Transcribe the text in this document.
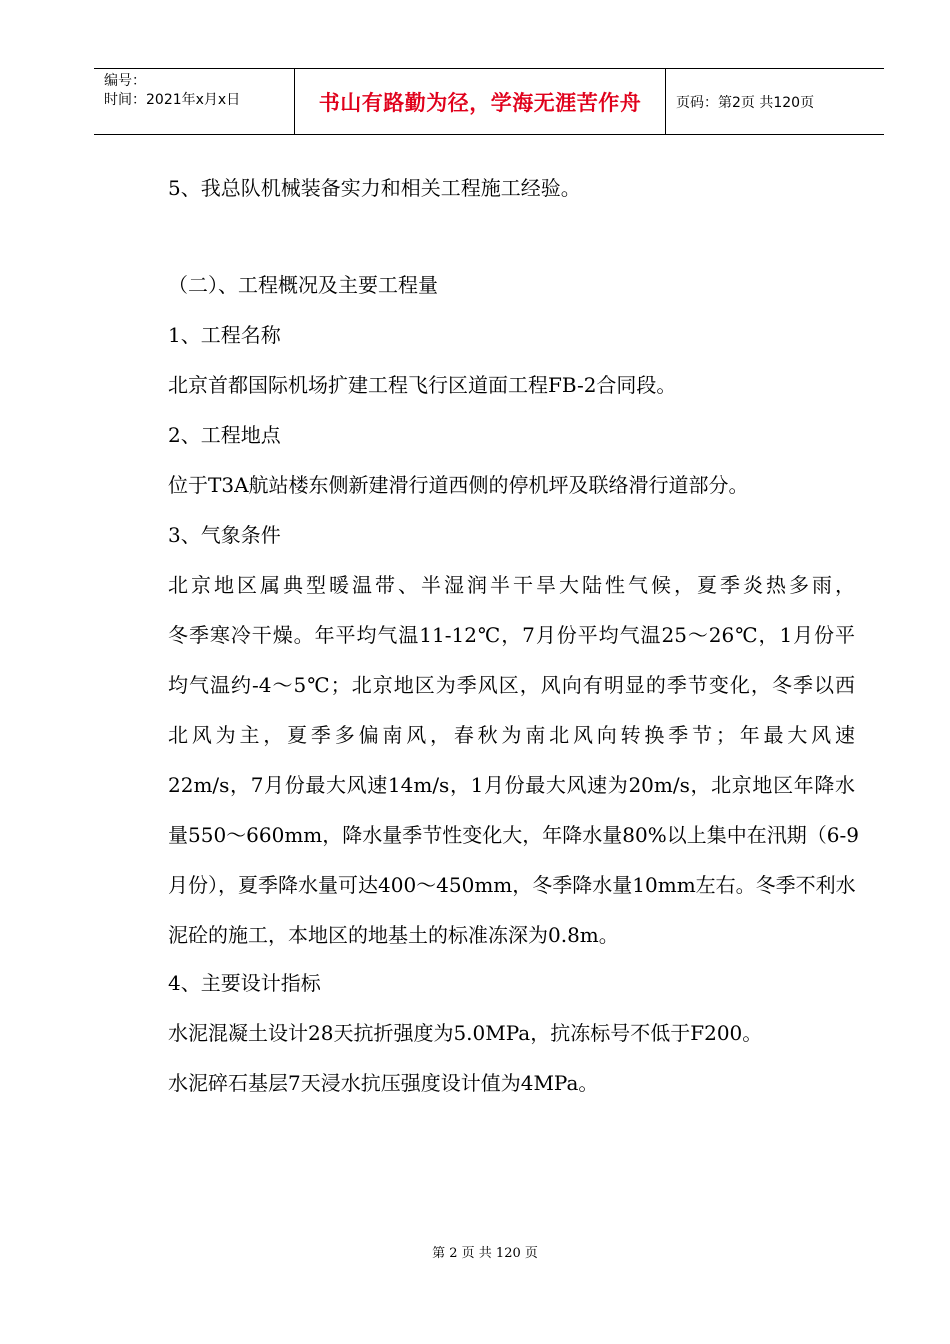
编号：
时间：2021年x月x日	书山有路勤为径，学海无涯苦作舟	页码：第2页 共120页
5、我总队机械装备实力和相关工程施工经验。
（二）、工程概况及主要工程量
1、工程名称
北京首都国际机场扩建工程飞行区道面工程FB-2合同段。
2、工程地点
位于T3A航站楼东侧新建滑行道西侧的停机坪及联络滑行道部分。
3、气象条件
北京地区属典型暖温带、半湿润半干旱大陆性气候，夏季炎热多雨，
冬季寒冷干燥。年平均气温11-12℃，7月份平均气温25～26℃，1月份平
均气温约-4～5℃；北京地区为季风区，风向有明显的季节变化，冬季以西
北风为主，夏季多偏南风，春秋为南北风向转换季节；年最大风速
22m/s，7月份最大风速14m/s，1月份最大风速为20m/s，北京地区年降水
量550～660mm，降水量季节性变化大，年降水量80%以上集中在汛期（6-9
月份），夏季降水量可达400～450mm，冬季降水量10mm左右。冬季不利水
泥砼的施工，本地区的地基土的标准冻深为0.8m。
4、主要设计指标
水泥混凝土设计28天抗折强度为5.0MPa，抗冻标号不低于F200。
水泥碎石基层7天浸水抗压强度设计值为4MPa。
第 2 页 共 120 页
